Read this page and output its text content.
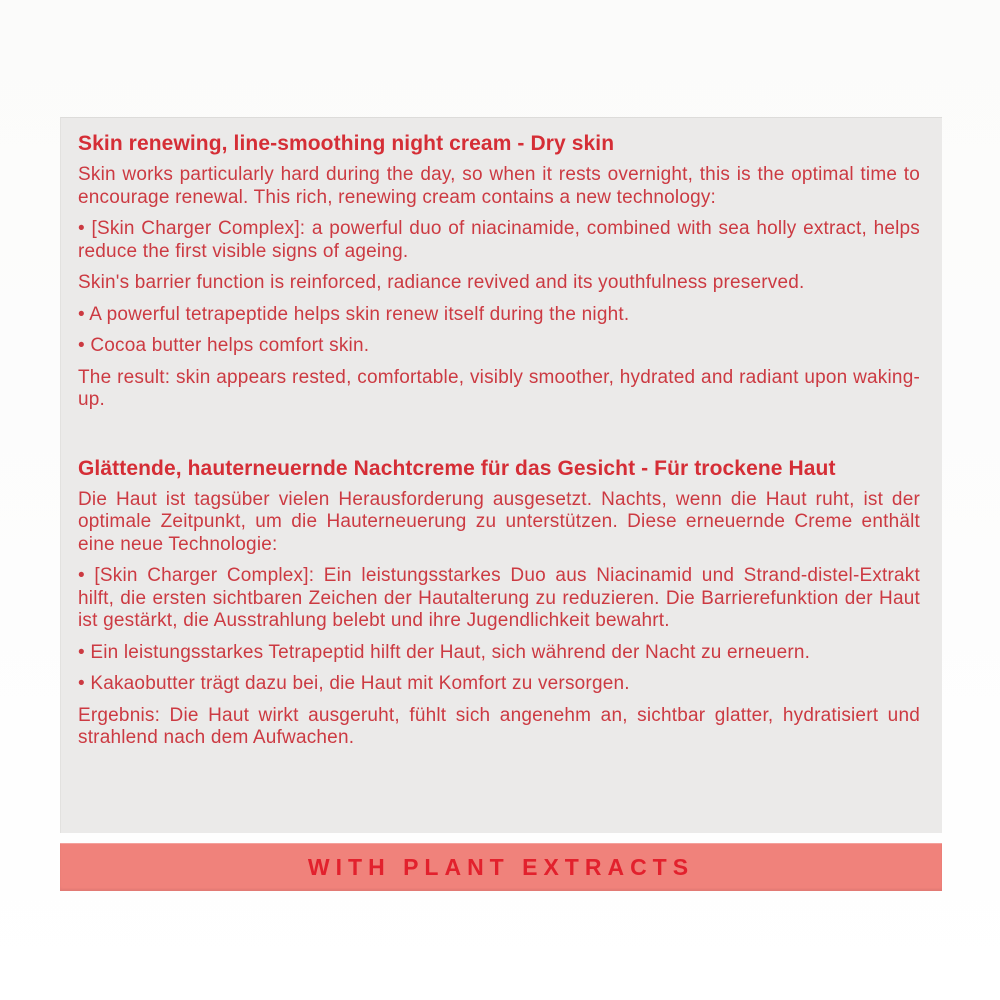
Skin renewing, line-smoothing night cream - Dry skin

Skin works particularly hard during the day, so when it rests overnight, this is the optimal time to encourage renewal. This rich, renewing cream contains a new technology:

• [Skin Charger Complex]: a powerful duo of niacinamide, combined with sea holly extract, helps reduce the first visible signs of ageing.

Skin's barrier function is reinforced, radiance revived and its youthfulness preserved.

• A powerful tetrapeptide helps skin renew itself during the night.

• Cocoa butter helps comfort skin.

The result: skin appears rested, comfortable, visibly smoother, hydrated and radiant upon waking-up.

Glättende, hauterneuernde Nachtcreme für das Gesicht - Für trockene Haut

Die Haut ist tagsüber vielen Herausforderung ausgesetzt. Nachts, wenn die Haut ruht, ist der optimale Zeitpunkt, um die Hauterneuerung zu unterstützen. Diese erneuernde Creme enthält eine neue Technologie:

• [Skin Charger Complex]: Ein leistungsstarkes Duo aus Niacinamid und Strand-distel-Extrakt hilft, die ersten sichtbaren Zeichen der Hautalterung zu reduzieren. Die Barrierefunktion der Haut ist gestärkt, die Ausstrahlung belebt und ihre Jugendlichkeit bewahrt.

• Ein leistungsstarkes Tetrapeptid hilft der Haut, sich während der Nacht zu erneuern.

• Kakaobutter trägt dazu bei, die Haut mit Komfort zu versorgen.

Ergebnis: Die Haut wirkt ausgeruht, fühlt sich angenehm an, sichtbar glatter, hydratisiert und strahlend nach dem Aufwachen.

WITH PLANT EXTRACTS
